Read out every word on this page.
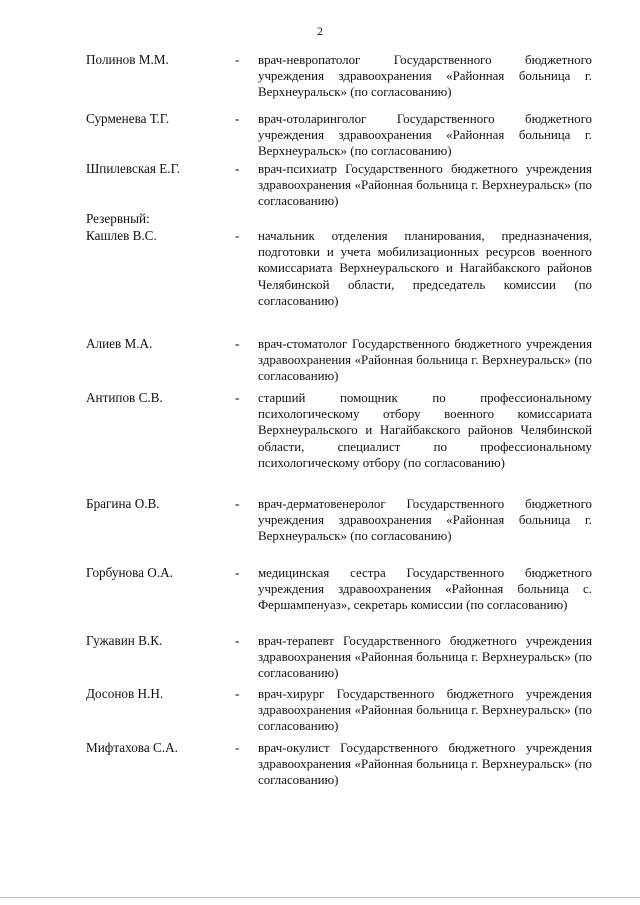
2
Полинов М.М.	- врач-невропатолог Государственного бюджетного учреждения здравоохранения «Районная больница г. Верхнеуральск» (по согласованию)
Сурменева Т.Г.	- врач-отоларинголог Государственного бюджетного учреждения здравоохранения «Районная больница г. Верхнеуральск» (по согласованию)
Шпилевская Е.Г.	- врач-психиатр Государственного бюджетного учреждения здравоохранения «Районная больница г. Верхнеуральск» (по согласованию)
Резервный:
Кашлев В.С.	- начальник отделения планирования, предназначения, подготовки и учета мобилизационных ресурсов военного комиссариата Верхнеуральского и Нагайбакского районов Челябинской области, председатель комиссии (по согласованию)
Алиев М.А.	- врач-стоматолог Государственного бюджетного учреждения здравоохранения «Районная больница г. Верхнеуральск» (по согласованию)
Антипов С.В.	- старший помощник по профессиональному психологическому отбору военного комиссариата Верхнеуральского и Нагайбакского районов Челябинской области, специалист по профессиональному психологическому отбору (по согласованию)
Брагина О.В.	- врач-дерматовенеролог Государственного бюджетного учреждения здравоохранения «Районная больница г. Верхнеуральск» (по согласованию)
Горбунова О.А.	- медицинская сестра Государственного бюджетного учреждения здравоохранения «Районная больница с. Фершампенуаз», секретарь комиссии (по согласованию)
Гужавин В.К.	- врач-терапевт Государственного бюджетного учреждения здравоохранения «Районная больница г. Верхнеуральск» (по согласованию)
Досонов Н.Н.	- врач-хирург Государственного бюджетного учреждения здравоохранения «Районная больница г. Верхнеуральск» (по согласованию)
Мифтахова С.А.	- врач-окулист Государственного бюджетного учреждения здравоохранения «Районная больница г. Верхнеуральск» (по согласованию)
